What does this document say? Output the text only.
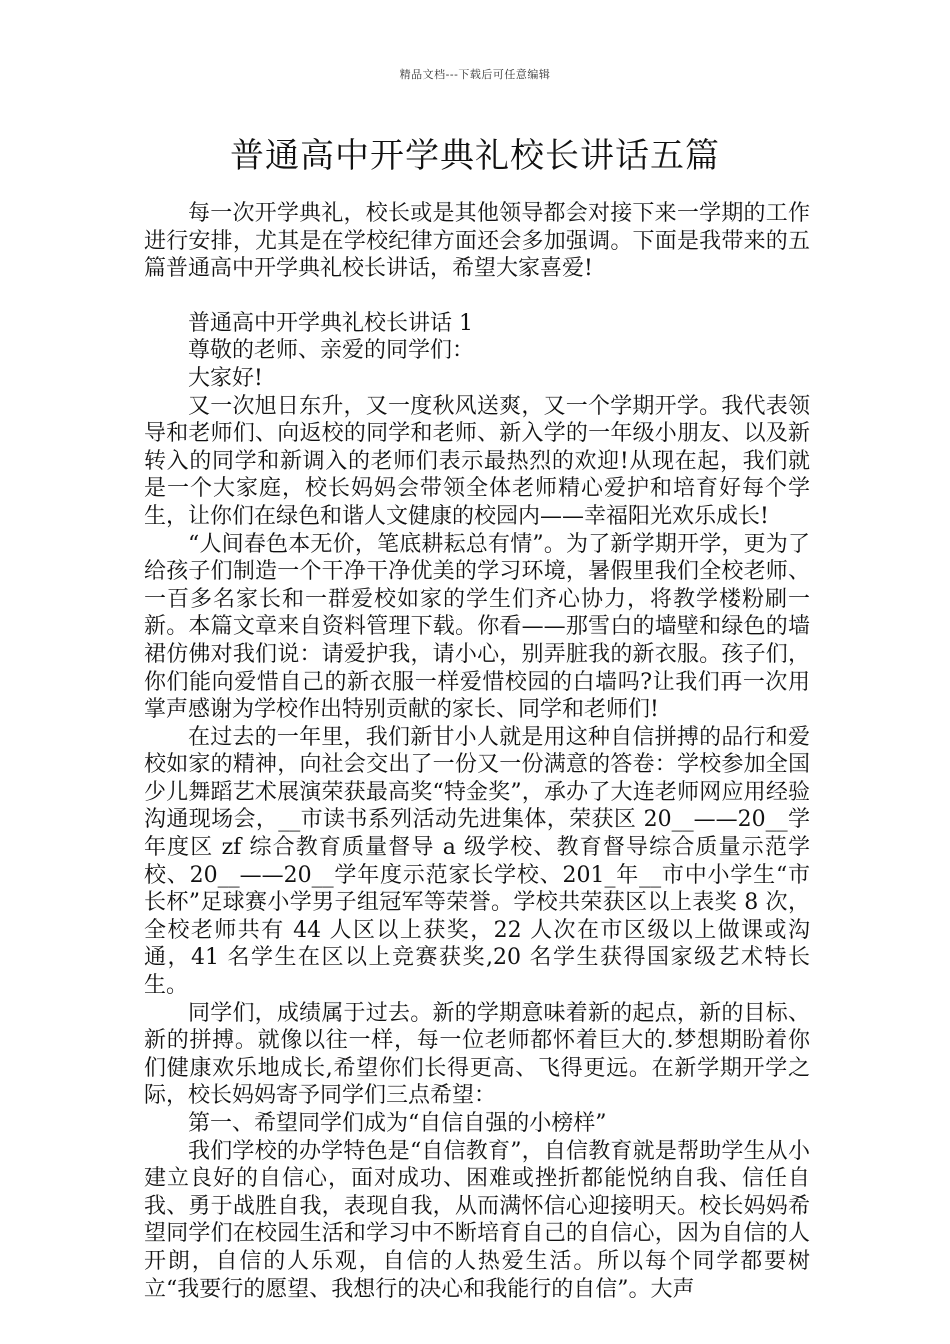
精品文档---下载后可任意编辑
普通高中开学典礼校长讲话五篇

每一次开学典礼，校长或是其他领导都会对接下来一学期的工作进行安排，尤其是在学校纪律方面还会多加强调。下面是我带来的五篇普通高中开学典礼校长讲话，希望大家喜爱!

普通高中开学典礼校长讲话 1

尊敬的老师、亲爱的同学们：

大家好!

又一次旭日东升，又一度秋风送爽，又一个学期开学。我代表领导和老师们、向返校的同学和老师、新入学的一年级小朋友、以及新转入的同学和新调入的老师们表示最热烈的欢迎!从现在起，我们就是一个大家庭，校长妈妈会带领全体老师精心爱护和培育好每个学生，让你们在绿色和谐人文健康的校园内——幸福阳光欢乐成长!

“人间春色本无价，笔底耕耘总有情”。为了新学期开学，更为了给孩子们制造一个干净干净优美的学习环境，暑假里我们全校老师、一百多名家长和一群爱校如家的学生们齐心协力，将教学楼粉刷一新。本篇文章来自资料管理下载。你看——那雪白的墙壁和绿色的墙裙仿佛对我们说：请爱护我，请小心，别弄脏我的新衣服。孩子们，你们能向爱惜自己的新衣服一样爱惜校园的白墙吗?让我们再一次用掌声感谢为学校作出特别贡献的家长、同学和老师们!

在过去的一年里，我们新甘小人就是用这种自信拼搏的品行和爱校如家的精神，向社会交出了一份又一份满意的答卷：学校参加全国少儿舞蹈艺术展演荣获最高奖“特金奖”，承办了大连老师网应用经验沟通现场会，__市读书系列活动先进集体，荣获区 20__——20__学年度区 zf 综合教育质量督导 a 级学校、教育督导综合质量示范学校、20__——20__学年度示范家长学校、201_年__市中小学生“市长杯”足球赛小学男子组冠军等荣誉。学校共荣获区以上表奖 8 次，全校老师共有 44 人区以上获奖，22 人次在市区级以上做课或沟通，41 名学生在区以上竞赛获奖,20 名学生获得国家级艺术特长生。

同学们，成绩属于过去。新的学期意味着新的起点，新的目标、新的拼搏。就像以往一样，每一位老师都怀着巨大的.梦想期盼着你们健康欢乐地成长,希望你们长得更高、飞得更远。在新学期开学之际，校长妈妈寄予同学们三点希望：

第一、希望同学们成为“自信自强的小榜样”

我们学校的办学特色是“自信教育”，自信教育就是帮助学生从小建立良好的自信心，面对成功、困难或挫折都能悦纳自我、信任自我、勇于战胜自我，表现自我，从而满怀信心迎接明天。校长妈妈希望同学们在校园生活和学习中不断培育自己的自信心，因为自信的人开朗，自信的人乐观，自信的人热爱生活。所以每个同学都要树立“我要行的愿望、我想行的决心和我能行的自信”。大声
